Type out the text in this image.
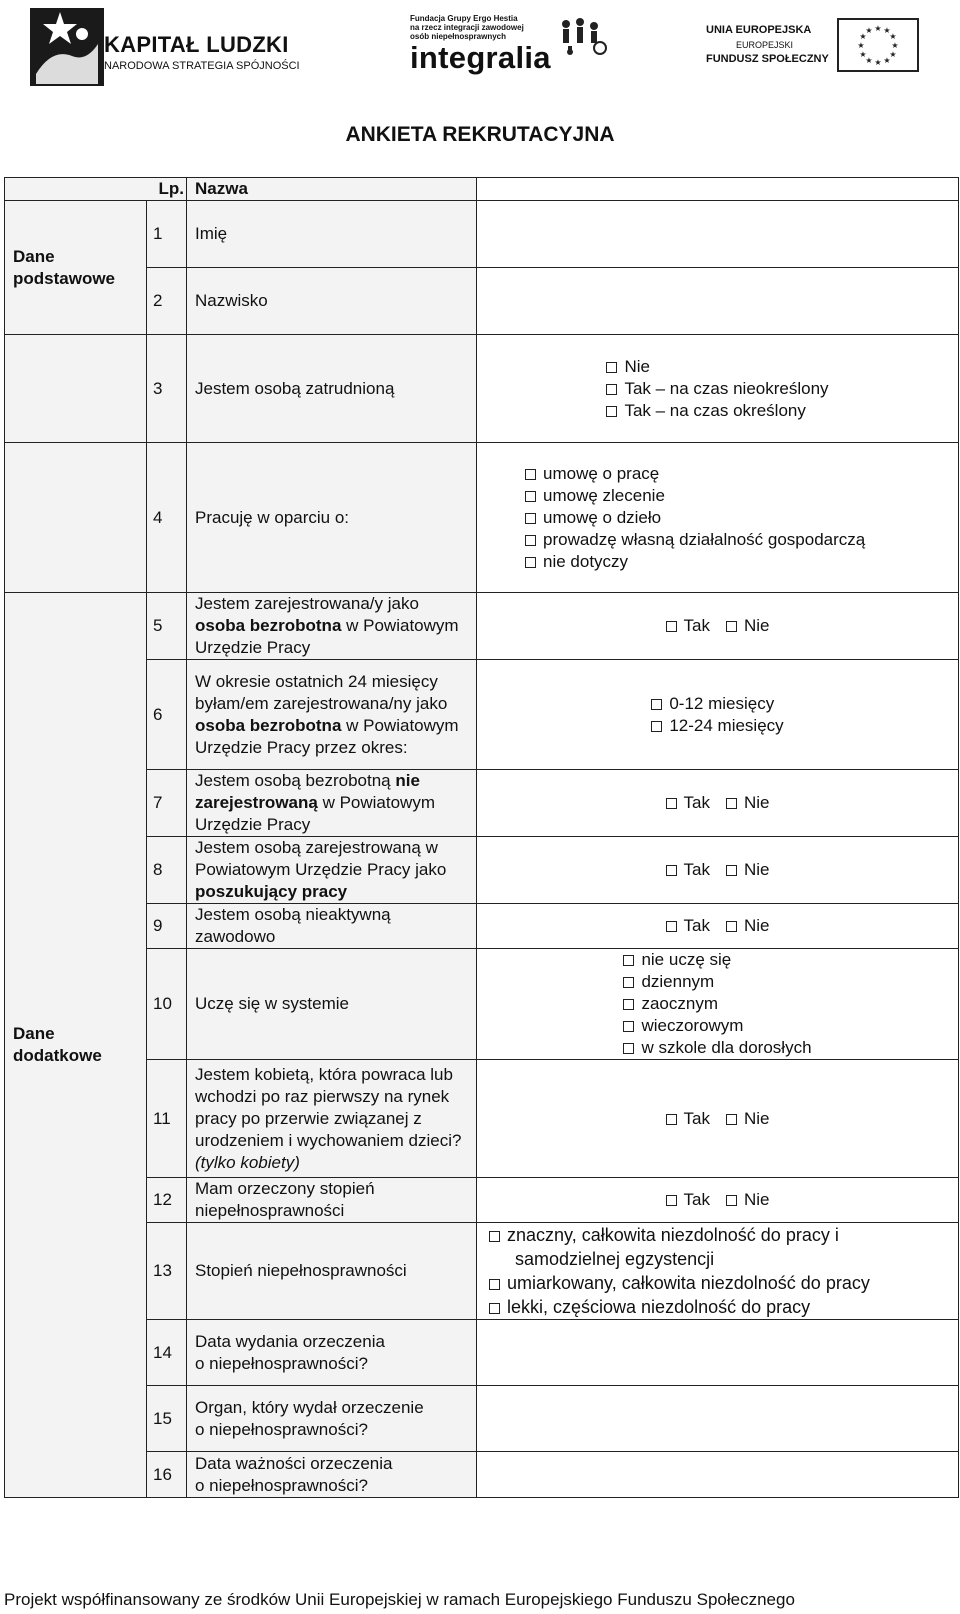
KAPITAŁ LUDZKI
NARODOWA STRATEGIA SPÓJNOŚCI
Fundacja Grupy Ergo Hestia
na rzecz integracji zawodowej
osób niepełnosprawnych
integralia
UNIA EUROPEJSKA
EUROPEJSKI
FUNDUSZ SPOŁECZNY
★ ★
★
★
★
★
★
★
★
★
★
★
ANKIETA REKRUTACYJNA
	Lp.	Nazwa	
Dane podstawowe	1	Imię	
	2	Nazwisko	
	3	Jestem osobą zatrudnioną	Nie
Tak – na czas nieokreślony
Tak – na czas określony

	4	Pracuję w oparciu o:	umowę o pracę
umowę zlecenie
umowę o dzieło
prowadzę własną działalność gospodarczą
nie dotyczy

Dane dodatkowe	5	Jestem zarejestrowana/y jako osoba bezrobotna w Powiatowym Urzędzie Pracy	Tak Nie
	6	W okresie ostatnich 24 miesięcy byłam/em zarejestrowana/ny jako osoba bezrobotna w Powiatowym Urzędzie Pracy przez okres:	0-12 miesięcy
12-24 miesięcy

	7	Jestem osobą bezrobotną nie zarejestrowaną w Powiatowym Urzędzie Pracy	Tak Nie
	8	Jestem osobą zarejestrowaną w Powiatowym Urzędzie Pracy jako poszukujący pracy	Tak Nie
	9	Jestem osobą nieaktywną zawodowo	Tak Nie
	10	Uczę się w systemie	nie uczę się
dziennym
zaocznym
wieczorowym
w szkole dla dorosłych

	11	Jestem kobietą, która powraca lub wchodzi po raz pierwszy na rynek pracy po przerwie związanej z urodzeniem i wychowaniem dzieci? (tylko kobiety)	Tak Nie
	12	Mam orzeczony stopień niepełnosprawności	Tak Nie
	13	Stopień niepełnosprawności	znaczny, całkowita niezdolność do pracy i
samodzielnej egzystencji
umiarkowany, całkowita niezdolność do pracy
lekki, częściowa niezdolność do pracy

	14	Data wydania orzeczenia
o niepełnosprawności?	
	15	Organ, który wydał orzeczenie
o niepełnosprawności?	
	16	Data ważności orzeczenia
o niepełnosprawności?	
Projekt współfinansowany ze środków Unii Europejskiej w ramach Europejskiego Funduszu Społecznego
